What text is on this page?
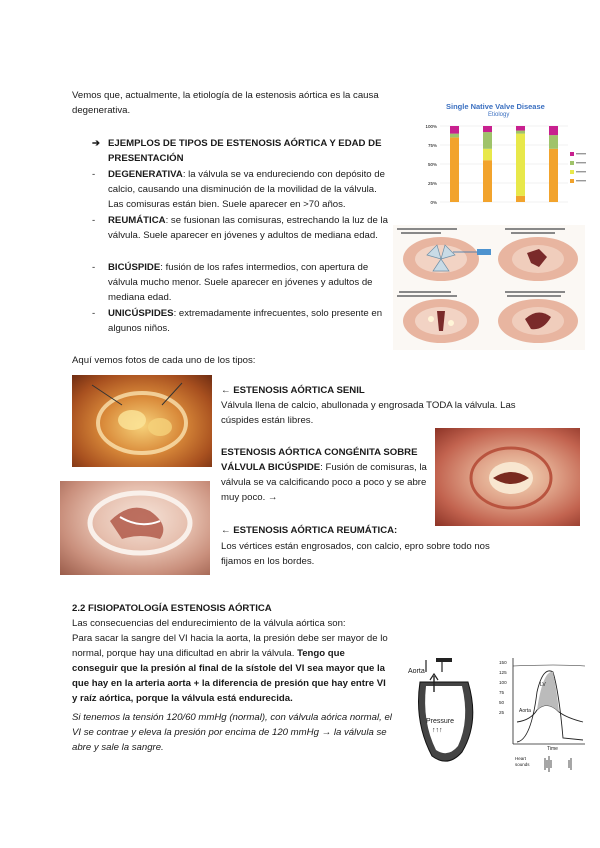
Vemos que, actualmente, la etiología de la estenosis aórtica es la causa degenerativa.
➔ EJEMPLOS DE TIPOS DE ESTENOSIS AÓRTICA Y EDAD DE PRESENTACIÓN
-	DEGENERATIVA: la válvula se va endureciendo con depósito de calcio, causando una disminución de la movilidad de la válvula. Las comisuras están bien. Suele aparecer en >70 años.
-	REUMÁTICA: se fusionan las comisuras, estrechando la luz de la válvula. Suele aparecer en jóvenes y adultos de mediana edad.
-	BICÚSPIDE: fusión de los rafes intermedios, con apertura de válvula mucho menor. Suele aparecer en jóvenes y adultos de mediana edad.
-	UNICÚSPIDES: extremadamente infrecuentes, solo presente en algunos niños.
Single Native Valve Disease
Etiology
100%
75%
50%
25%
0%
Aquí vemos fotos de cada uno de los tipos:
← ESTENOSIS AÓRTICA SENIL
Válvula llena de calcio, abullonada y engrosada TODA la válvula. Las cúspides están libres.
ESTENOSIS AÓRTICA CONGÉNITA SOBRE VÁLVULA BICÚSPIDE: Fusión de comisuras, la válvula se va calcificando poco a poco y se abre muy poco. →
← ESTENOSIS AÓRTICA REUMÁTICA:
Los vértices están engrosados, con calcio, epro sobre todo nos fijamos en los bordes.
2.2 FISIOPATOLOGÍA ESTENOSIS AÓRTICA
Las consecuencias del endurecimiento de la válvula aórtica son:
Para sacar la sangre del VI hacia la aorta, la presión debe ser mayor de lo normal, porque hay una dificultad en abrir la válvula. Tengo que conseguir que la presión al final de la sístole del VI sea mayor que la que hay en la arteria aorta + la diferencia de presión que hay entre VI y raíz aórtica, porque la válvula está endurecida.
Si tenemos la tensión 120/60 mmHg (normal), con válvula aórica normal, el VI se contrae y eleva la presión por encima de 120 mmHg → la válvula se abre y sale la sangre.
Aorta
Pressure
↑↑↑
150
125
100
75
50
25
LV
Aorta
Time
Heart sounds
